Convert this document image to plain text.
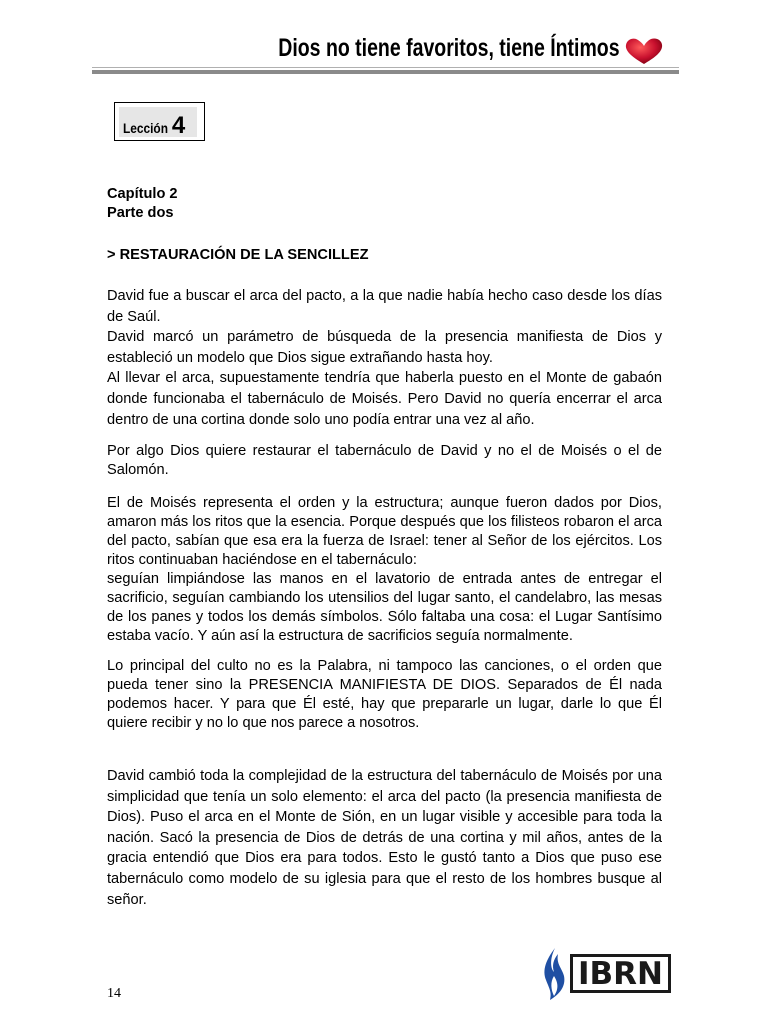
Dios no tiene favoritos, tiene Íntimos
Lección 4

Capítulo 2

Parte dos

> RESTAURACIÓN DE LA SENCILLEZ

David fue a buscar el arca del pacto, a la que nadie había hecho caso desde los días de Saúl.

David marcó un parámetro de búsqueda de la presencia manifiesta de Dios y estableció un modelo que Dios sigue extrañando hasta hoy.

Al llevar el arca, supuestamente tendría que haberla puesto en el Monte de gabaón donde funcionaba el tabernáculo de Moisés. Pero David no quería encerrar el arca dentro de una cortina donde solo uno podía entrar una vez al año.

Por algo Dios quiere restaurar el tabernáculo de David y no el de Moisés o el de Salomón.

El de Moisés representa el orden y la estructura; aunque fueron dados por Dios, amaron más los ritos que la esencia. Porque después que los filisteos robaron el arca del pacto, sabían que esa era la fuerza de Israel: tener al Señor de los ejércitos. Los ritos continuaban haciéndose en el tabernáculo:

seguían limpiándose las manos en el lavatorio de entrada antes de entregar el sacrificio, seguían cambiando los utensilios del lugar santo, el candelabro, las mesas de los panes y todos los demás símbolos. Sólo faltaba una cosa: el Lugar Santísimo estaba vacío. Y aún así la estructura de sacrificios seguía normalmente.

Lo principal del culto no es la Palabra, ni tampoco las canciones, o el orden que pueda tener sino la PRESENCIA MANIFIESTA DE DIOS. Separados de Él nada podemos hacer. Y para que Él esté, hay que prepararle un lugar, darle lo que Él quiere recibir y no lo que nos parece a nosotros.
David cambió toda la complejidad de la estructura del tabernáculo de Moisés por una simplicidad que tenía un solo elemento: el arca del pacto (la presencia manifiesta de Dios). Puso el arca en el Monte de Sión, en un lugar visible y accesible para toda la nación. Sacó la presencia de Dios de detrás de una cortina y mil años, antes de la gracia entendió que Dios era para todos. Esto le gustó tanto a Dios que puso ese tabernáculo como modelo de su iglesia para que el resto de los hombres busque al señor.
14
IBRN
